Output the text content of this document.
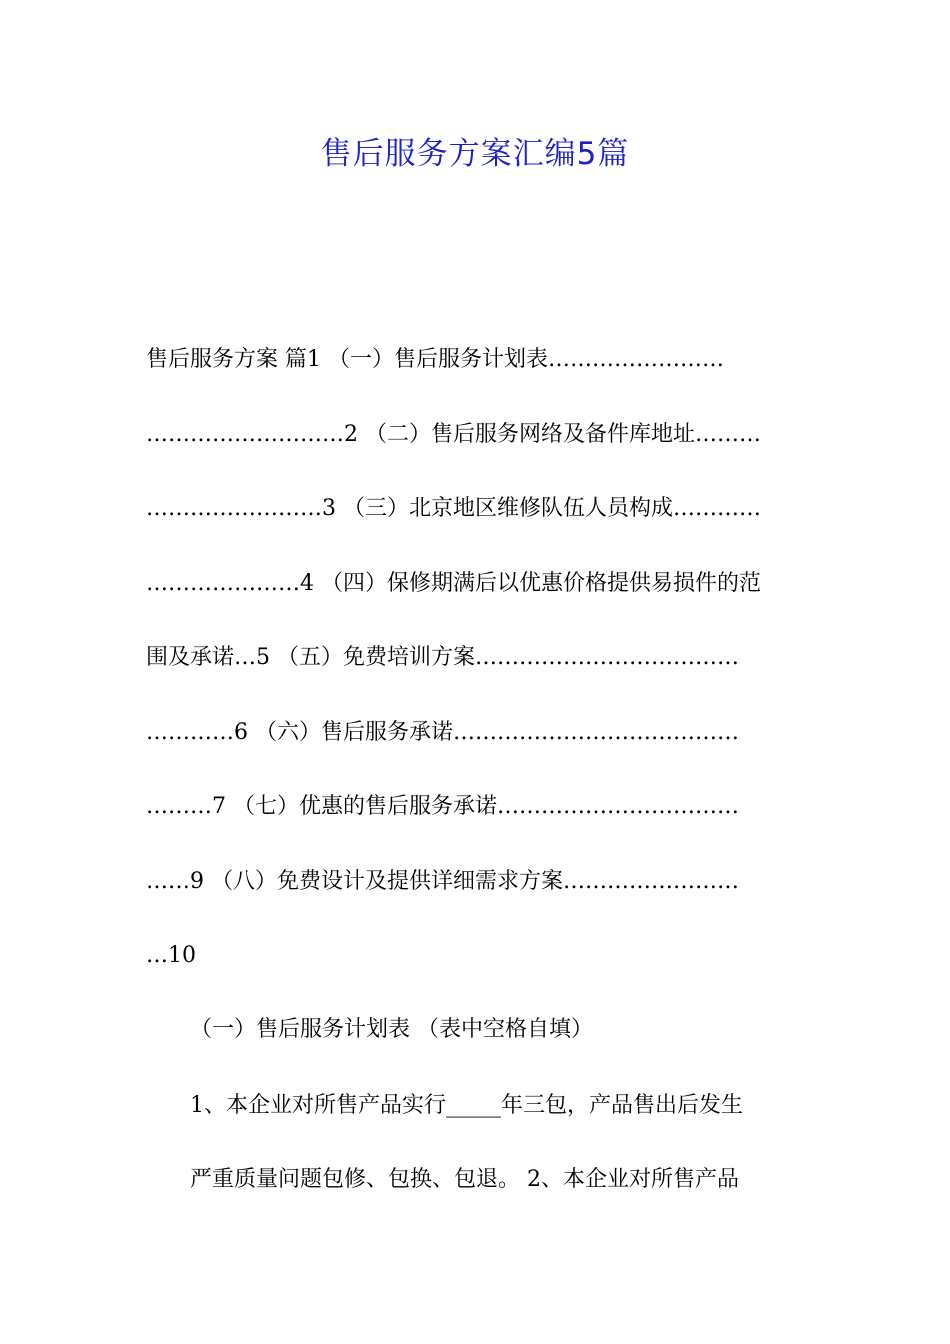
售后服务方案汇编5篇
售后服务方案 篇1 （一）售后服务计划表……………………
………………………2 （二）售后服务网络及备件库地址………
……………………3 （三）北京地区维修队伍人员构成…………
…………………4 （四）保修期满后以优惠价格提供易损件的范
围及承诺…5 （五）免费培训方案………………………………
…………6 （六）售后服务承诺…………………………………
………7 （七）优惠的售后服务承诺……………………………
……9 （八）免费设计及提供详细需求方案……………………
…10
（一）售后服务计划表 （表中空格自填）
1、本企业对所售产品实行_____年三包，产品售出后发生
严重质量问题包修、包换、包退。 2、本企业对所售产品
